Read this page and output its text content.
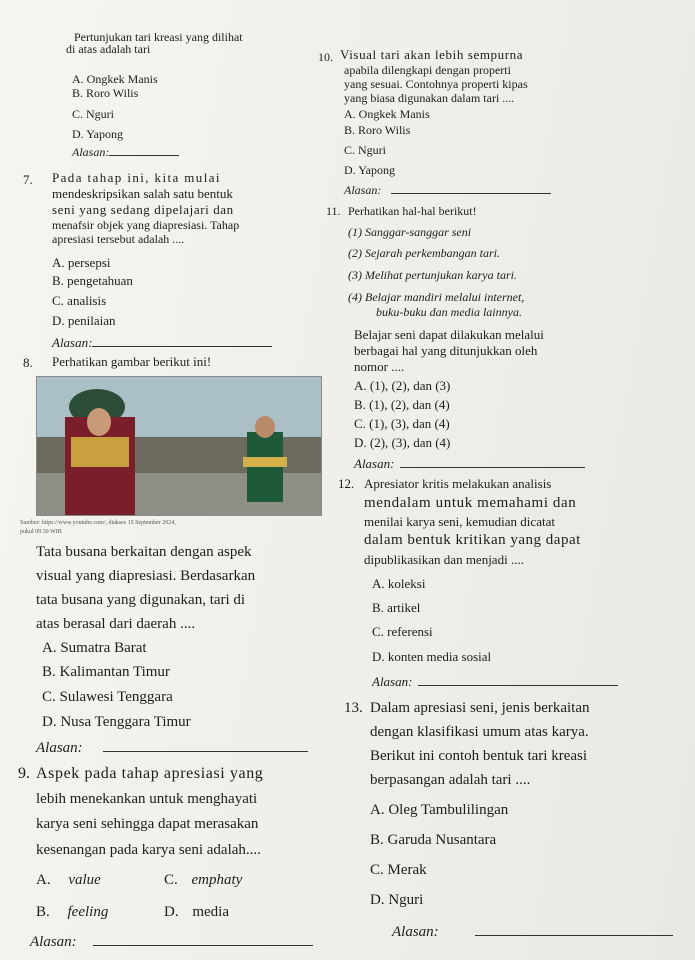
Pertunjukan tari kreasi yang dilihat
di atas adalah tari
A. Ongkek Manis
B. Roro Wilis
C. Nguri
D. Yapong
Alasan:
7. Pada tahap ini, kita mulai
mendeskripsikan salah satu bentuk
seni yang sedang dipelajari dan
menafsir objek yang diapresiasi. Tahap
apresiasi tersebut adalah ....
A. persepsi
B. pengetahuan
C. analisis
D. penilaian
Alasan:
8. Perhatikan gambar berikut ini!
Sumber: https://www.youtube.com/, diakses 15 September 2024,
pukul 09.30 WIB
Tata busana berkaitan dengan aspek
visual yang diapresiasi. Berdasarkan
tata busana yang digunakan, tari di
atas berasal dari daerah ....
A. Sumatra Barat
B. Kalimantan Timur
C. Sulawesi Tenggara
D. Nusa Tenggara Timur
Alasan:
9. Aspek pada tahap apresiasi yang
lebih menekankan untuk menghayati
karya seni sehingga dapat merasakan
kesenangan pada karya seni adalah....
A. value	C. emphaty
B. feeling	D. media
Alasan:
10. Visual tari akan lebih sempurna
apabila dilengkapi dengan properti
yang sesuai. Contohnya properti kipas
yang biasa digunakan dalam tari ....
A. Ongkek Manis
B. Roro Wilis
C. Nguri
D. Yapong
Alasan:
11. Perhatikan hal-hal berikut!
(1) Sanggar-sanggar seni
(2) Sejarah perkembangan tari.
(3) Melihat pertunjukan karya tari.
(4) Belajar mandiri melalui internet,
buku-buku dan media lainnya.
Belajar seni dapat dilakukan melalui
berbagai hal yang ditunjukkan oleh
nomor ....
A. (1), (2), dan (3)
B. (1), (2), dan (4)
C. (1), (3), dan (4)
D. (2), (3), dan (4)
Alasan:
12. Apresiator kritis melakukan analisis
mendalam untuk memahami dan
menilai karya seni, kemudian dicatat
dalam bentuk kritikan yang dapat
dipublikasikan dan menjadi ....
A. koleksi
B. artikel
C. referensi
D. konten media sosial
Alasan:
13. Dalam apresiasi seni, jenis berkaitan
dengan klasifikasi umum atas karya.
Berikut ini contoh bentuk tari kreasi
berpasangan adalah tari ....
A. Oleg Tambulilingan
B. Garuda Nusantara
C. Merak
D. Nguri
Alasan:
